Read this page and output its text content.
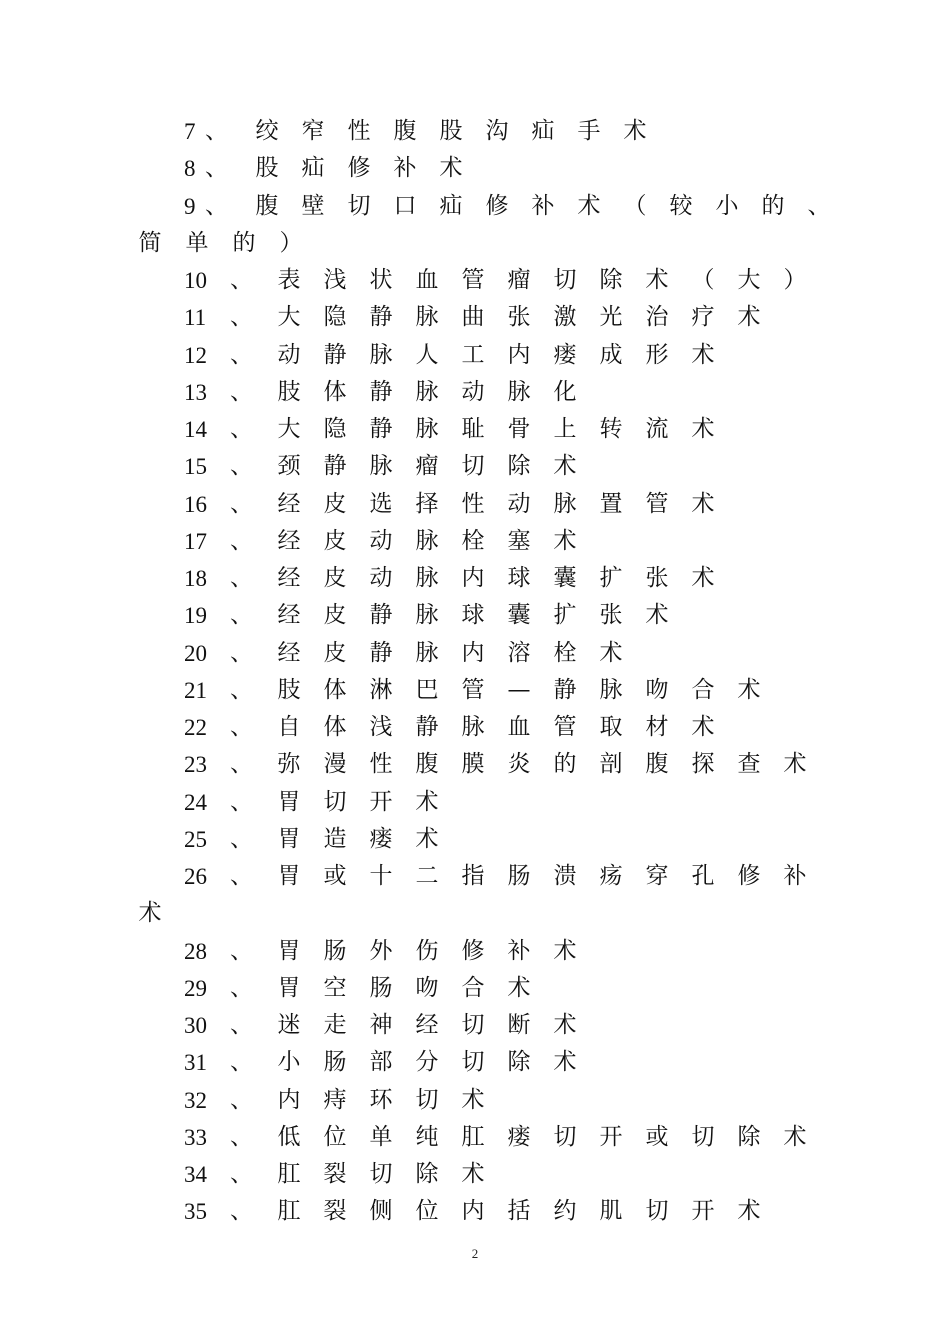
7 、	绞	窄	性	腹	股	沟	疝	手	术
8 、	股	疝	修	补	术
9 、	腹	壁	切	口	疝	修	补	术	（	较	小	的	、
简 单 的 ）
10 、	表	浅	状	血	管	瘤	切	除	术	（	大	）
11 、	大	隐	静	脉	曲	张	激	光	治	疗	术
12 、	动	静	脉	人	工	内	瘘	成	形	术
13 、	肢	体	静	脉	动	脉	化
14 、	大	隐	静	脉	耻	骨	上	转	流	术
15 、	颈	静	脉	瘤	切	除	术
16 、	经	皮	选	择	性	动	脉	置	管	术
17 、	经	皮	动	脉	栓	塞	术
18 、	经	皮	动	脉	内	球	囊	扩	张	术
19 、	经	皮	静	脉	球	囊	扩	张	术
20 、	经	皮	静	脉	内	溶	栓	术
21 、	肢	体	淋	巴	管	—	静	脉	吻	合	术
22 、	自	体	浅	静	脉	血	管	取	材	术
23 、	弥	漫	性	腹	膜	炎	的	剖	腹	探	查	术
24 、	胃	切	开	术
25 、	胃	造	瘘	术
26 、	胃	或	十	二	指	肠	溃	疡	穿	孔	修	补
术
28 、	胃	肠	外	伤	修	补	术
29 、	胃	空	肠	吻	合	术
30 、	迷	走	神	经	切	断	术
31 、	小	肠	部	分	切	除	术
32 、	内	痔	环	切	术
33 、	低	位	单	纯	肛	瘘	切	开	或	切	除	术
34 、	肛	裂	切	除	术
35 、	肛	裂	侧	位	内	括	约	肌	切	开	术
2
